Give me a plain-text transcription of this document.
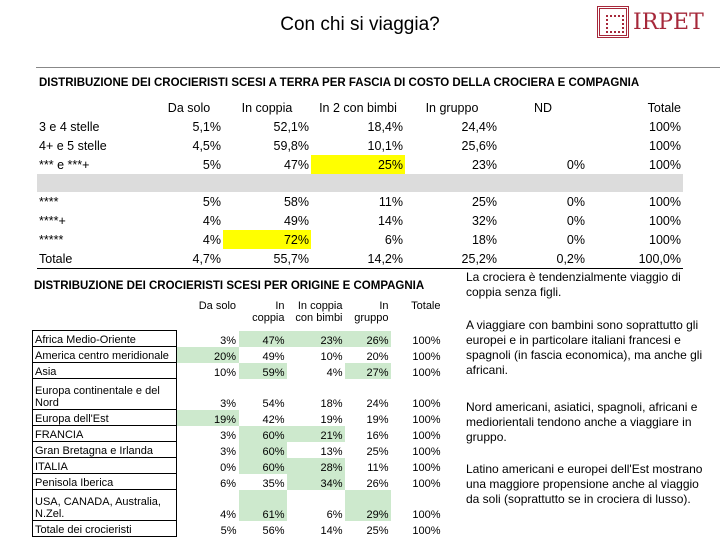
Con chi si viaggia?	IRPET
DISTRIBUZIONE DEI CROCIERISTI SCESI A TERRA PER FASCIA DI COSTO DELLA CROCIERA E COMPAGNIA
	Da solo	In coppia	In 2 con bimbi	In gruppo	ND	Totale
3 e 4 stelle	5,1%	52,1%	18,4%	24,4%		100%
4+ e 5 stelle	4,5%	59,8%	10,1%	25,6%		100%
*** e ***+	5%	47%	25%	23%	0%	100%

****	5%	58%	11%	25%	0%	100%
****+	4%	49%	14%	32%	0%	100%
*****	4%	72%	6%	18%	0%	100%
Totale	4,7%	55,7%	14,2%	25,2%	0,2%	100,0%
DISTRIBUZIONE DEI CROCIERISTI SCESI PER ORIGINE E COMPAGNIA
	Da solo	In coppia	In coppia con bimbi	In gruppo	Totale
Africa Medio-Oriente	3%	47%	23%	26%	100%
America centro meridionale	20%	49%	10%	20%	100%
Asia	10%	59%	4%	27%	100%
Europa continentale e del Nord	3%	54%	18%	24%	100%
Europa dell'Est	19%	42%	19%	19%	100%
FRANCIA	3%	60%	21%	16%	100%
Gran Bretagna e Irlanda	3%	60%	13%	25%	100%
ITALIA	0%	60%	28%	11%	100%
Penisola Iberica	6%	35%	34%	26%	100%
USA, CANADA, Australia, N.Zel.	4%	61%	6%	29%	100%
Totale dei crocieristi	5%	56%	14%	25%	100%

La crociera è tendenzialmente viaggio di coppia senza figli.

A viaggiare con bambini sono soprattutto gli europei e in particolare italiani francesi e spagnoli (in fascia economica), ma anche gli africani.

Nord americani, asiatici, spagnoli, africani e mediorientali tendono anche a viaggiare in gruppo.

Latino americani e europei dell'Est mostrano una maggiore propensione anche al viaggio da soli (soprattutto se in crociera di lusso).
